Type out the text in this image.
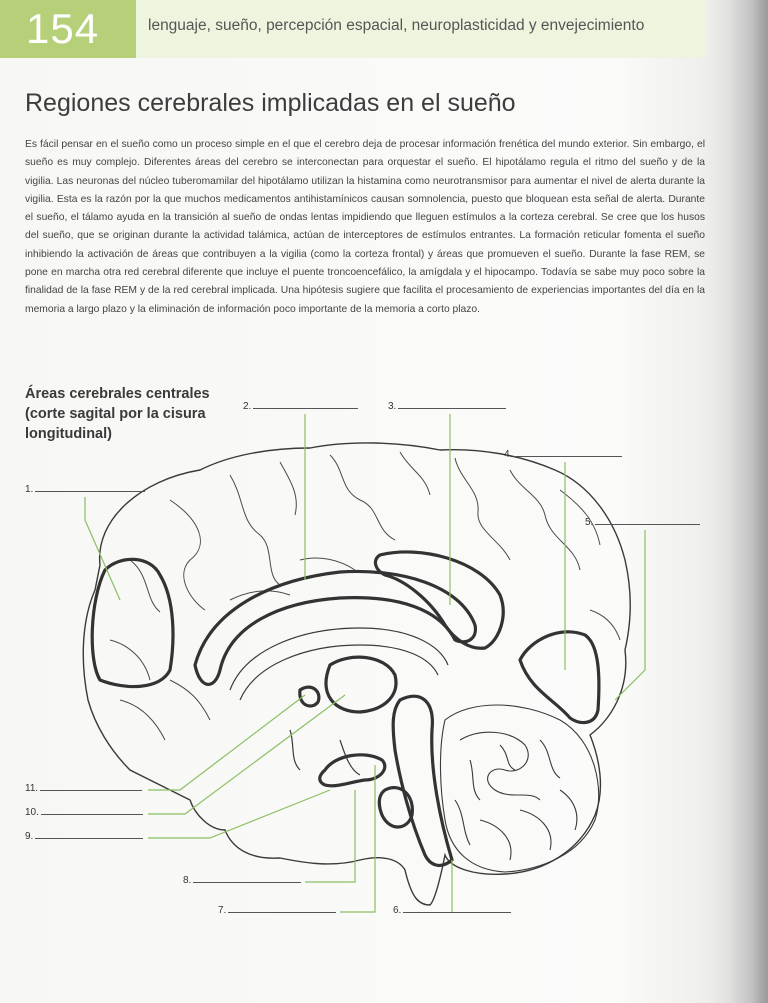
154	lenguaje, sueño, percepción espacial, neuroplasticidad y envejecimiento
Regiones cerebrales implicadas en el sueño

Es fácil pensar en el sueño como un proceso simple en el que el cerebro deja de procesar información frenética del mundo exterior. Sin embargo, el sueño es muy complejo. Diferentes áreas del cerebro se interconectan para orquestar el sueño. El hipotálamo regula el ritmo del sueño y de la vigilia. Las neuronas del núcleo tuberomamilar del hipotálamo utilizan la histamina como neurotransmisor para aumentar el nivel de alerta durante la vigilia. Esta es la razón por la que muchos medicamentos antihistamínicos causan somnolencia, puesto que bloquean esta señal de alerta. Durante el sueño, el tálamo ayuda en la transición al sueño de ondas lentas impidiendo que lleguen estímulos a la corteza cerebral. Se cree que los husos del sueño, que se originan durante la actividad talámica, actúan de interceptores de estímulos entrantes. La formación reticular fomenta el sueño inhibiendo la activación de áreas que contribuyen a la vigilia (como la corteza frontal) y áreas que promueven el sueño. Durante la fase REM, se pone en marcha otra red cerebral diferente que incluye el puente troncoencefálico, la amígdala y el hipocampo. Todavía se sabe muy poco sobre la finalidad de la fase REM y de la red cerebral implicada. Una hipótesis sugiere que facilita el procesamiento de experiencias importantes del día en la memoria a largo plazo y la eliminación de información poco importante de la memoria a corto plazo.

Áreas cerebrales centrales
(corte sagital por la cisura
longitudinal)
1.
2.	3.
4.
5.
6.
7.
8.
9.
10.
11.
